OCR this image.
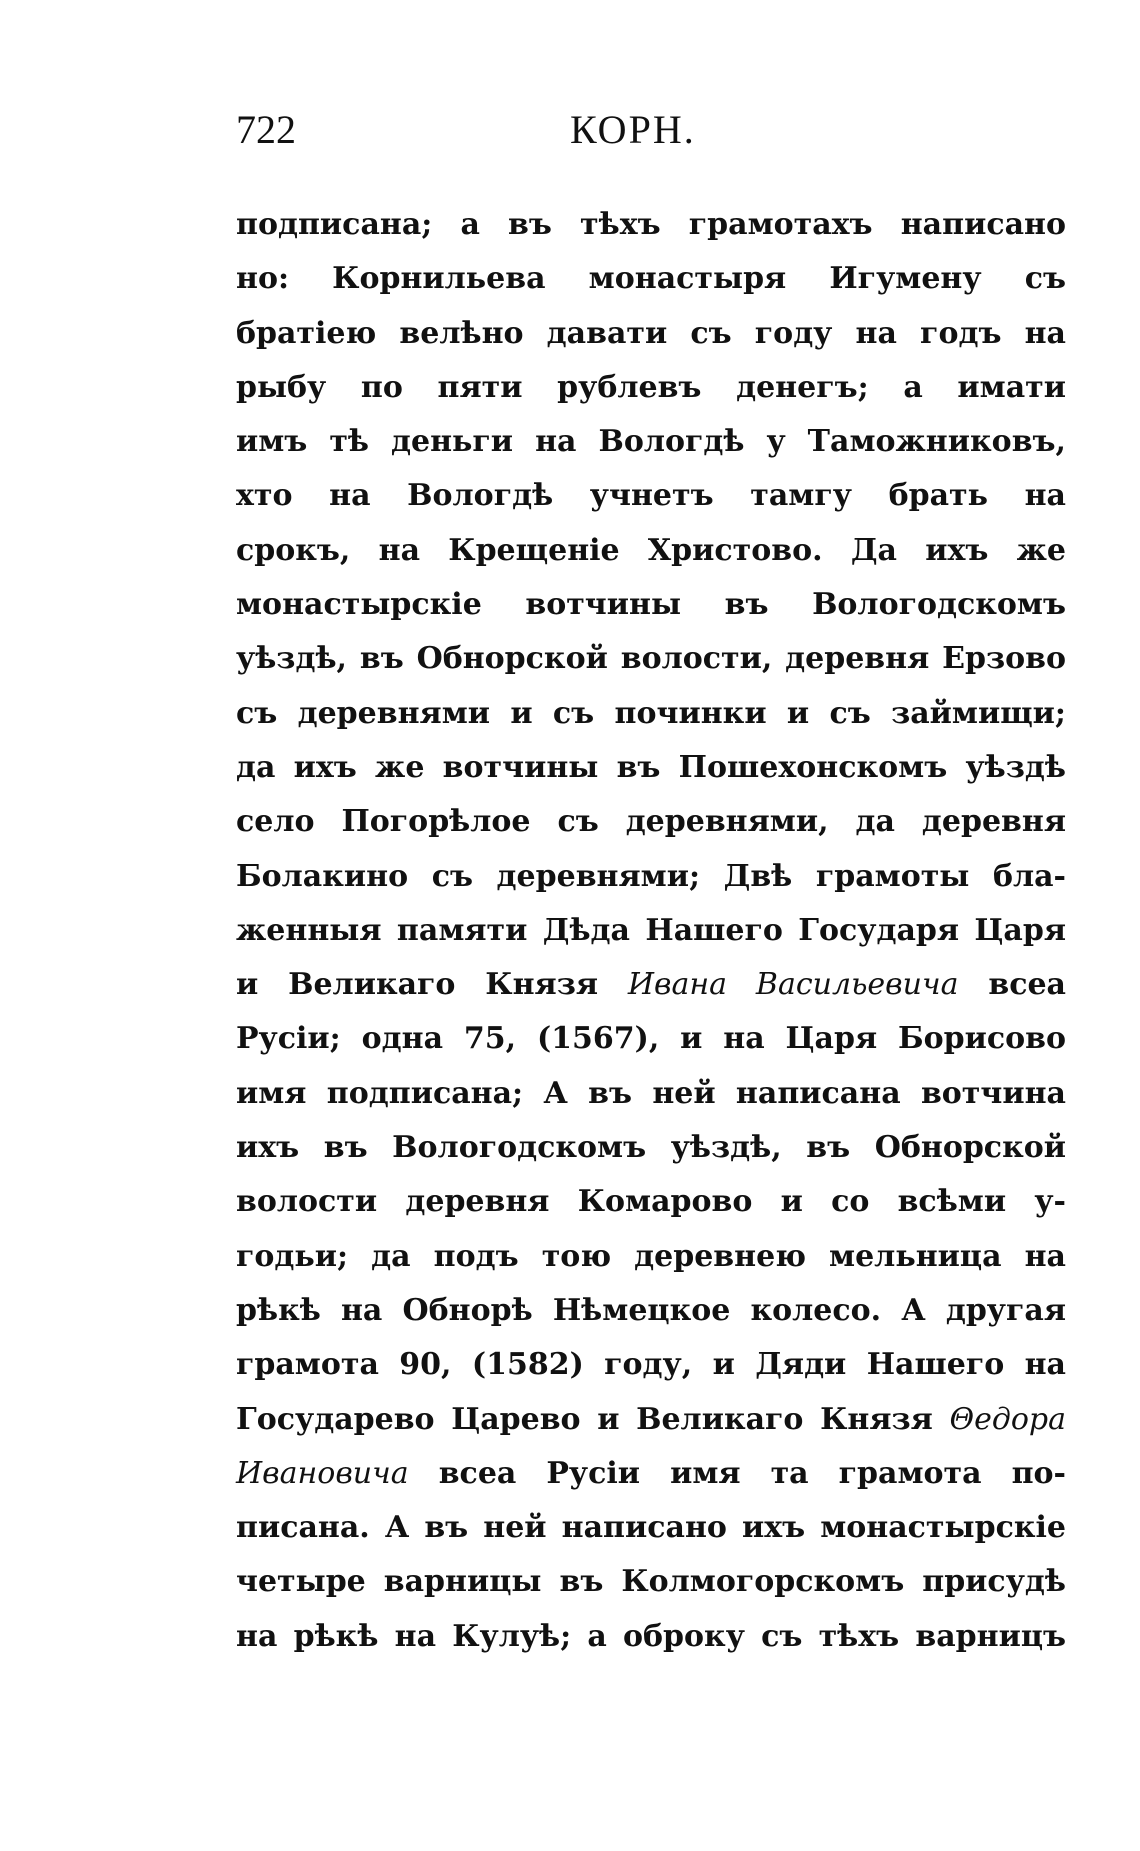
722	КОРН.
подписана; а въ тѣхъ грамотахъ написано
но: Корнильева монастыря Игумену съ
братіею велѣно давати съ году на годъ на
рыбу по пяти рублевъ денегъ; а имати
имъ тѣ деньги на Вологдѣ у Таможниковъ,
хто на Вологдѣ учнетъ тамгу брать на
срокъ, на Крещеніе Христово. Да ихъ же
монастырскіе вотчины въ Вологодскомъ
уѣздѣ, въ Обнорской волости, деревня Ерзово
съ деревнями и съ починки и съ займищи;
да ихъ же вотчины въ Пошехонскомъ уѣздѣ
село Погорѣлое съ деревнями, да деревня
Болакино съ деревнями; Двѣ грамоты бла-
женныя памяти Дѣда Нашего Государя Царя
и Великаго Князя Ивана Васильевича всеа
Русіи; одна 75, (1567), и на Царя Борисово
имя подписана; А въ ней написана вотчина
ихъ въ Вологодскомъ уѣздѣ, въ Обнорской
волости деревня Комарово и со всѣми у-
годьи; да подъ тою деревнею мельница на
рѣкѣ на Обнорѣ Нѣмецкое колесо. А другая
грамота 90, (1582) году, и Дяди Нашего на
Государево Царево и Великаго Князя Θедора
Ивановича всеа Русіи имя та грамота по-
писана. А въ ней написано ихъ монастырскіе
четыре варницы въ Колмогорскомъ присудѣ
на рѣкѣ на Кулуѣ; а оброку съ тѣхъ варницъ
